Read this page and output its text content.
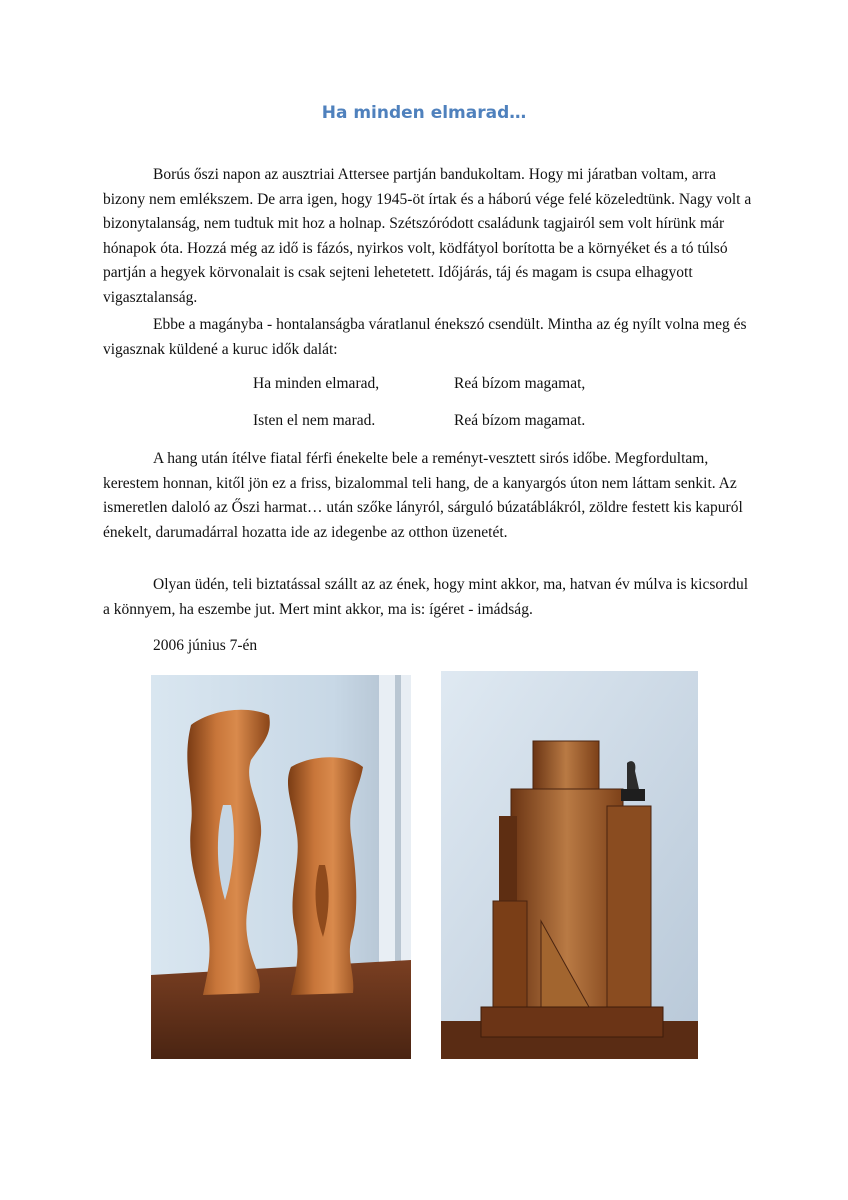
Ha minden elmarad…

Borús őszi napon az ausztriai Attersee partján bandukoltam. Hogy mi járatban voltam, arra bizony nem emlékszem. De arra igen, hogy 1945-öt írtak és a háború vége felé közeledtünk. Nagy volt a bizonytalanság, nem tudtuk mit hoz a holnap. Szétszóródott családunk tagjairól sem volt hírünk már hónapok óta. Hozzá még az idő is fázós, nyirkos volt, ködfátyol borította be a környéket és a tó túlsó partján a hegyek körvonalait is csak sejteni lehetetett. Időjárás, táj és magam is csupa elhagyott vigasztalanság.

Ebbe a magányba - hontalanságba váratlanul énekszó csendült. Mintha az ég nyílt volna meg és vigasznak küldené a kuruc idők dalát:

Ha minden elmarad,	Reá bízom magamat,
Isten el nem marad.	Reá bízom magamat.

A hang után ítélve fiatal férfi énekelte bele a reményt-vesztett sirós időbe. Megfordultam, kerestem honnan, kitől jön ez a friss, bizalommal teli hang, de a kanyargós úton nem láttam senkit. Az ismeretlen daloló az Őszi harmat… után szőke lányról, sárguló búzatáblákról, zöldre festett kis kapuról énekelt, darumadárral hozatta ide az idegenbe az otthon üzenetét.

Olyan üdén, teli biztatással szállt az az ének, hogy mint akkor, ma, hatvan év múlva is kicsordul a könnyem, ha eszembe jut. Mert mint akkor, ma is: ígéret - imádság.

2006 június 7-én
